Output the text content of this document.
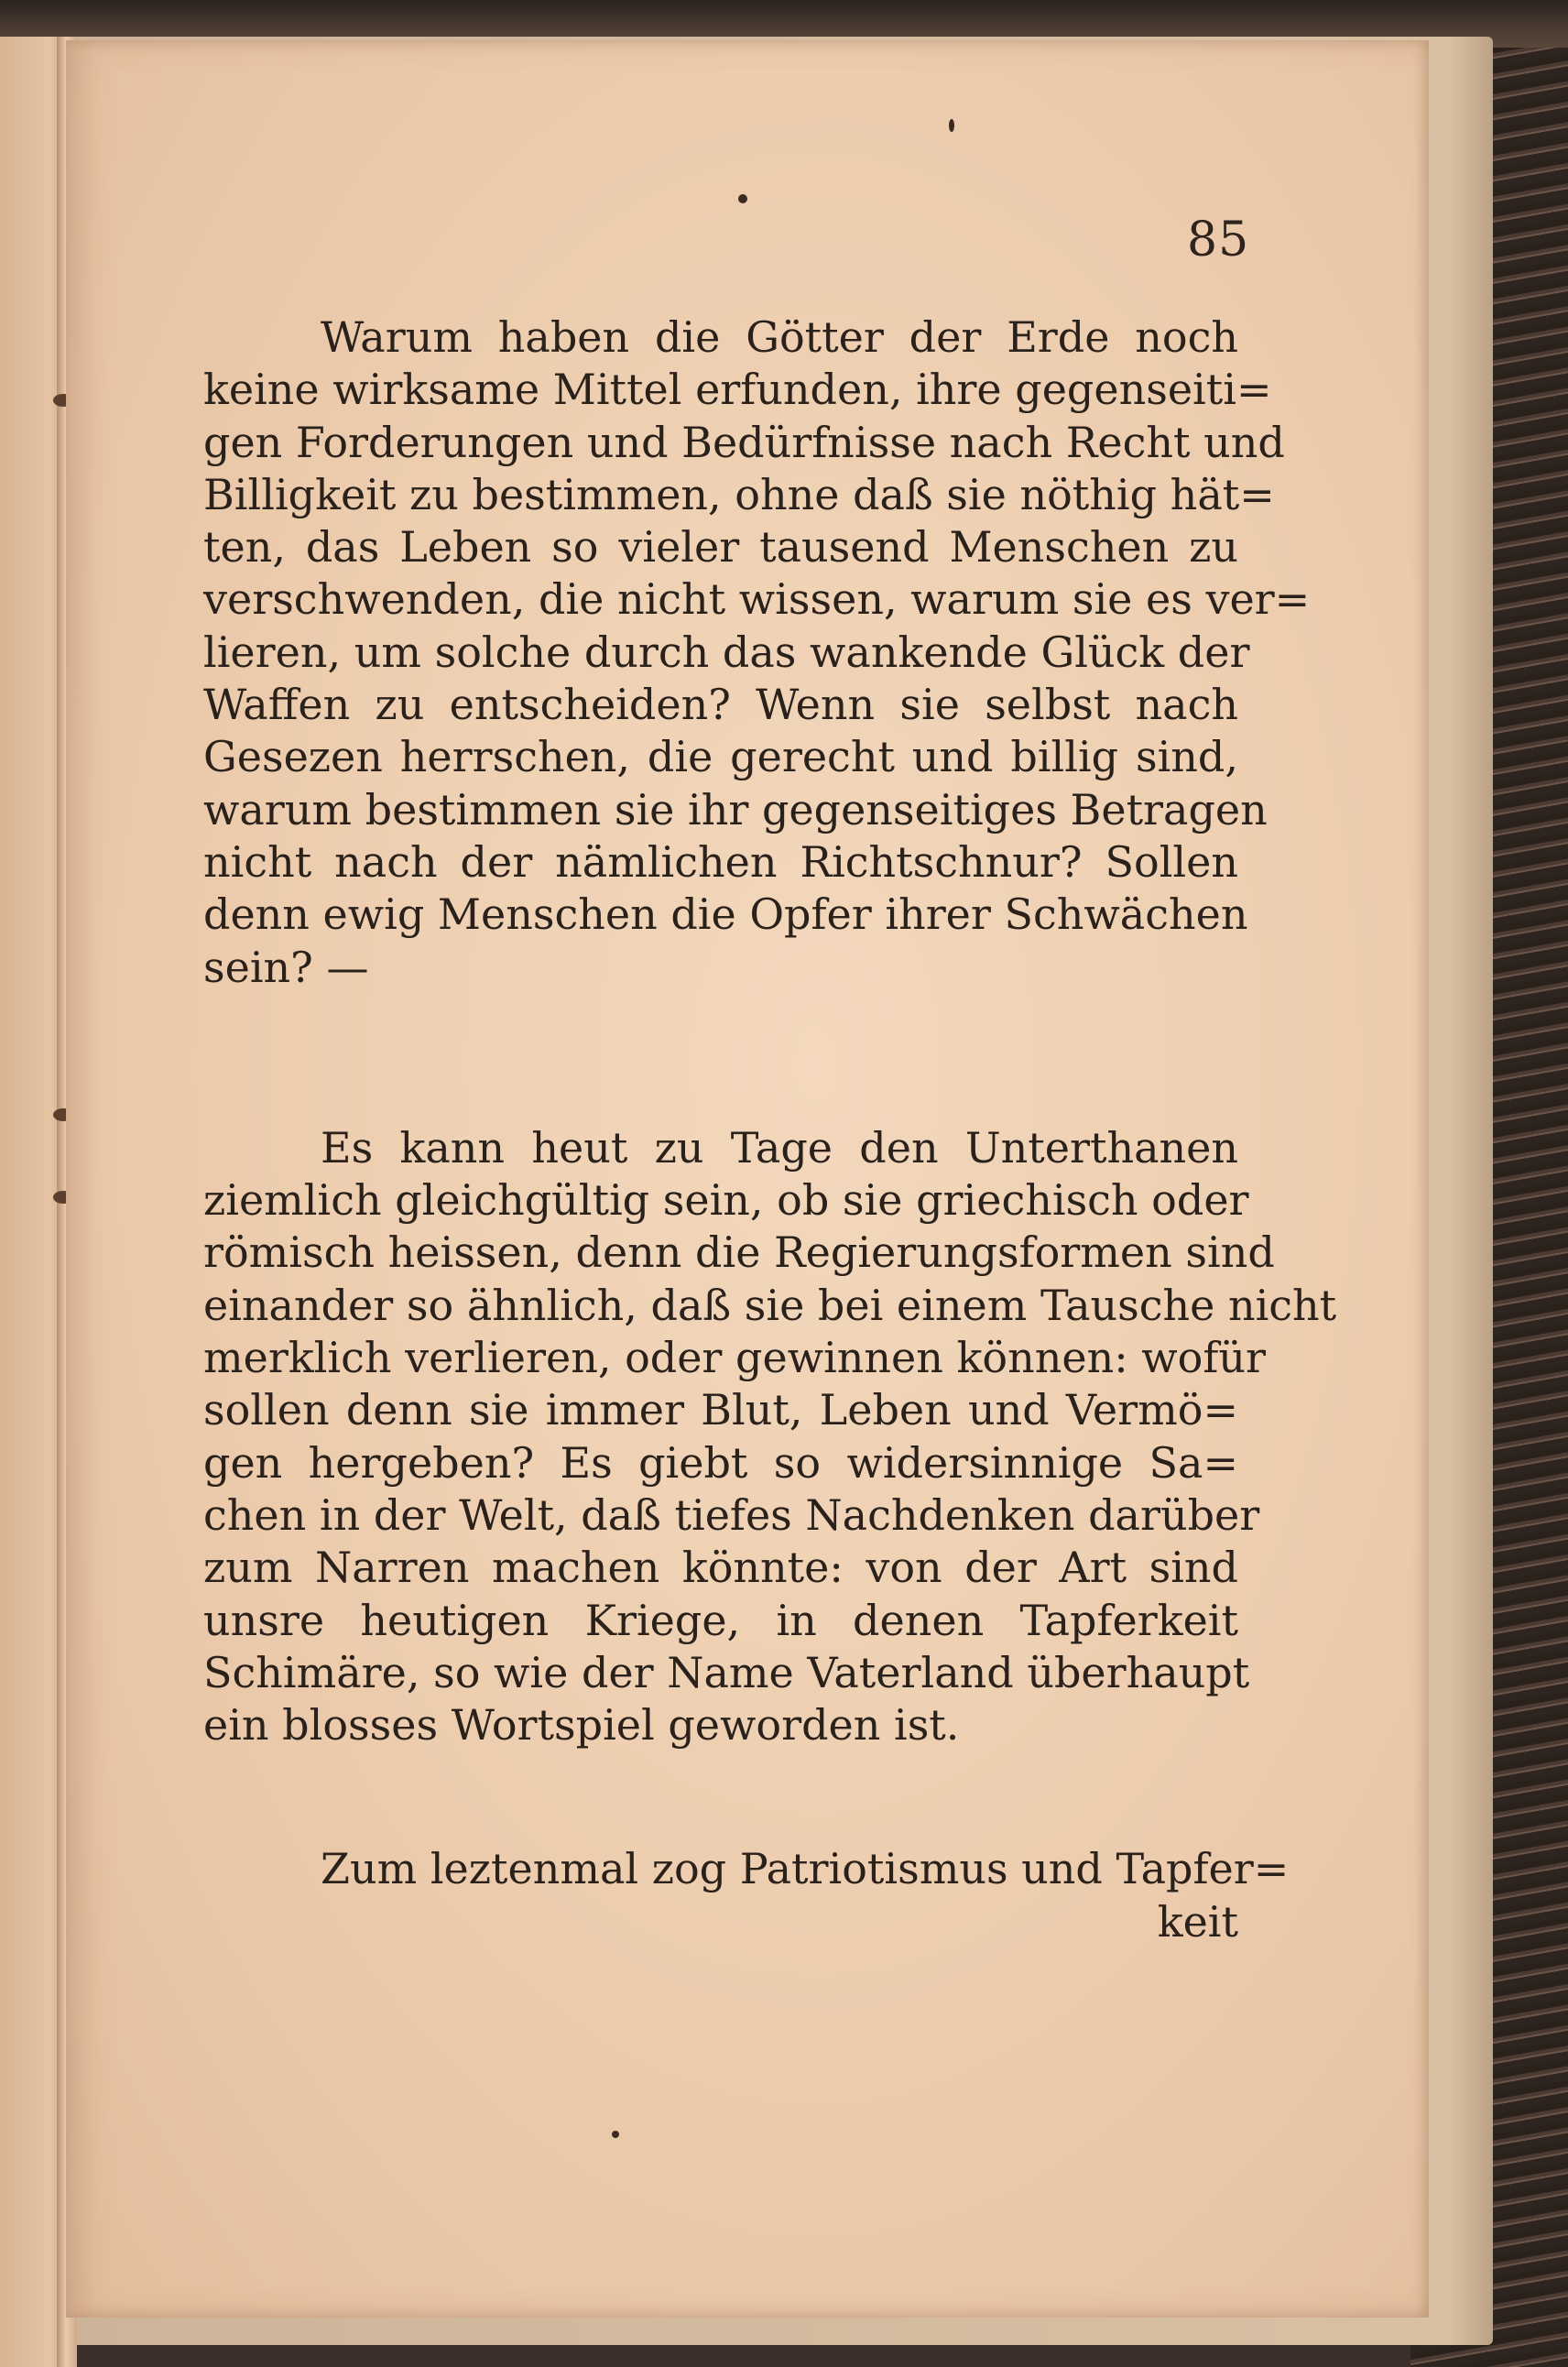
85
Warum haben die Götter der Erde noch
keine wirksame Mittel erfunden, ihre gegenseiti=
gen Forderungen und Bedürfnisse nach Recht und
Billigkeit zu bestimmen, ohne daß sie nöthig hät=
ten, das Leben so vieler tausend Menschen zu
verschwenden, die nicht wissen, warum sie es ver=
lieren, um solche durch das wankende Glück der
Waffen zu entscheiden? Wenn sie selbst nach
Gesezen herrschen, die gerecht und billig sind,
warum bestimmen sie ihr gegenseitiges Betragen
nicht nach der nämlichen Richtschnur? Sollen
denn ewig Menschen die Opfer ihrer Schwächen
sein? —
Es kann heut zu Tage den Unterthanen
ziemlich gleichgültig sein, ob sie griechisch oder
römisch heissen, denn die Regierungsformen sind
einander so ähnlich, daß sie bei einem Tausche nicht
merklich verlieren, oder gewinnen können: wofür
sollen denn sie immer Blut, Leben und Vermö=
gen hergeben? Es giebt so widersinnige Sa=
chen in der Welt, daß tiefes Nachdenken darüber
zum Narren machen könnte: von der Art sind
unsre heutigen Kriege, in denen Tapferkeit
Schimäre, so wie der Name Vaterland überhaupt
ein blosses Wortspiel geworden ist.
Zum leztenmal zog Patriotismus und Tapfer=
keit
